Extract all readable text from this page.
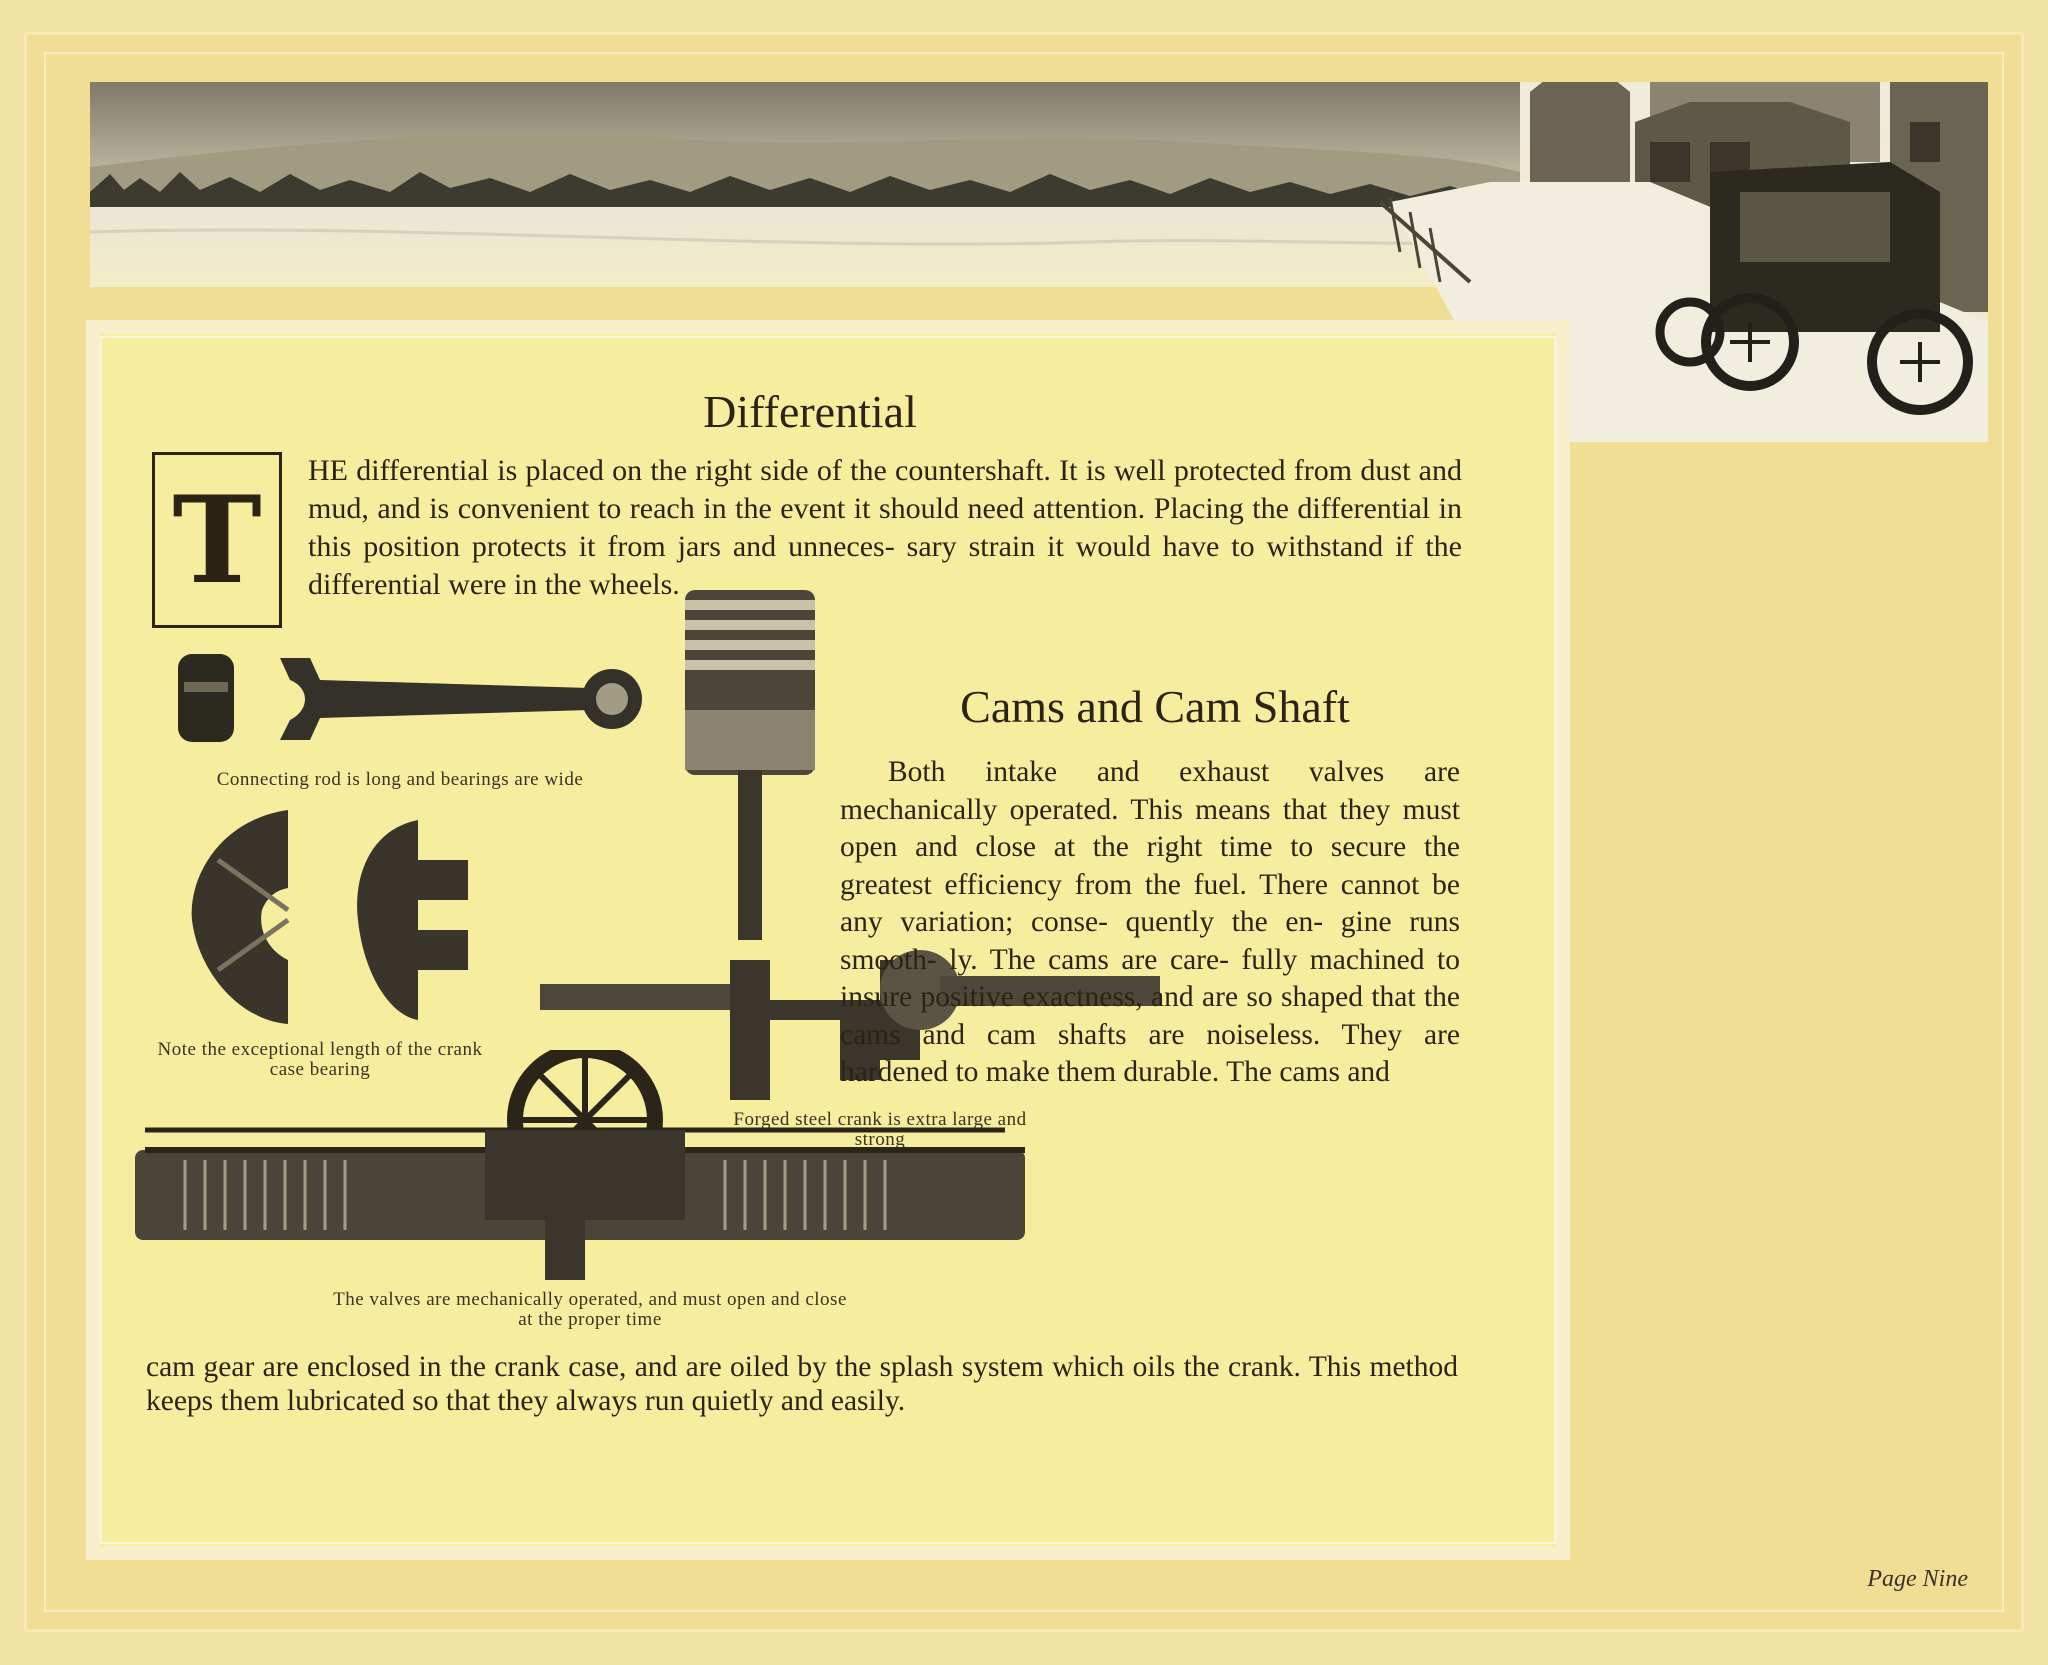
Differential
T	HE differential is placed on the right side of the countershaft. It is well protected from dust and mud, and is convenient to reach in the event it should need attention. Placing the differential in this position protects it from jars and unneces- sary strain it would have to withstand if the differential were in the wheels.

Cams and Cam Shaft
Connecting rod is long and bearings are wide
Note the exceptional length of the crank case bearing
Forged steel crank is extra large and strong
The valves are mechanically operated, and must open and close at the proper time

Both intake and exhaust valves are mechanically operated. This means that they must open and close at the right time to secure the greatest efficiency from the fuel. There cannot be any variation; conse- quently the en- gine runs smooth- ly. The cams are care- fully machined to insure positive exactness, and are so shaped that the cams and cam shafts are noiseless. They are hardened to make them durable. The cams and

cam gear are enclosed in the crank case, and are oiled by the splash system which oils the crank. This method keeps them lubricated so that they always run quietly and easily.

Page Nine
